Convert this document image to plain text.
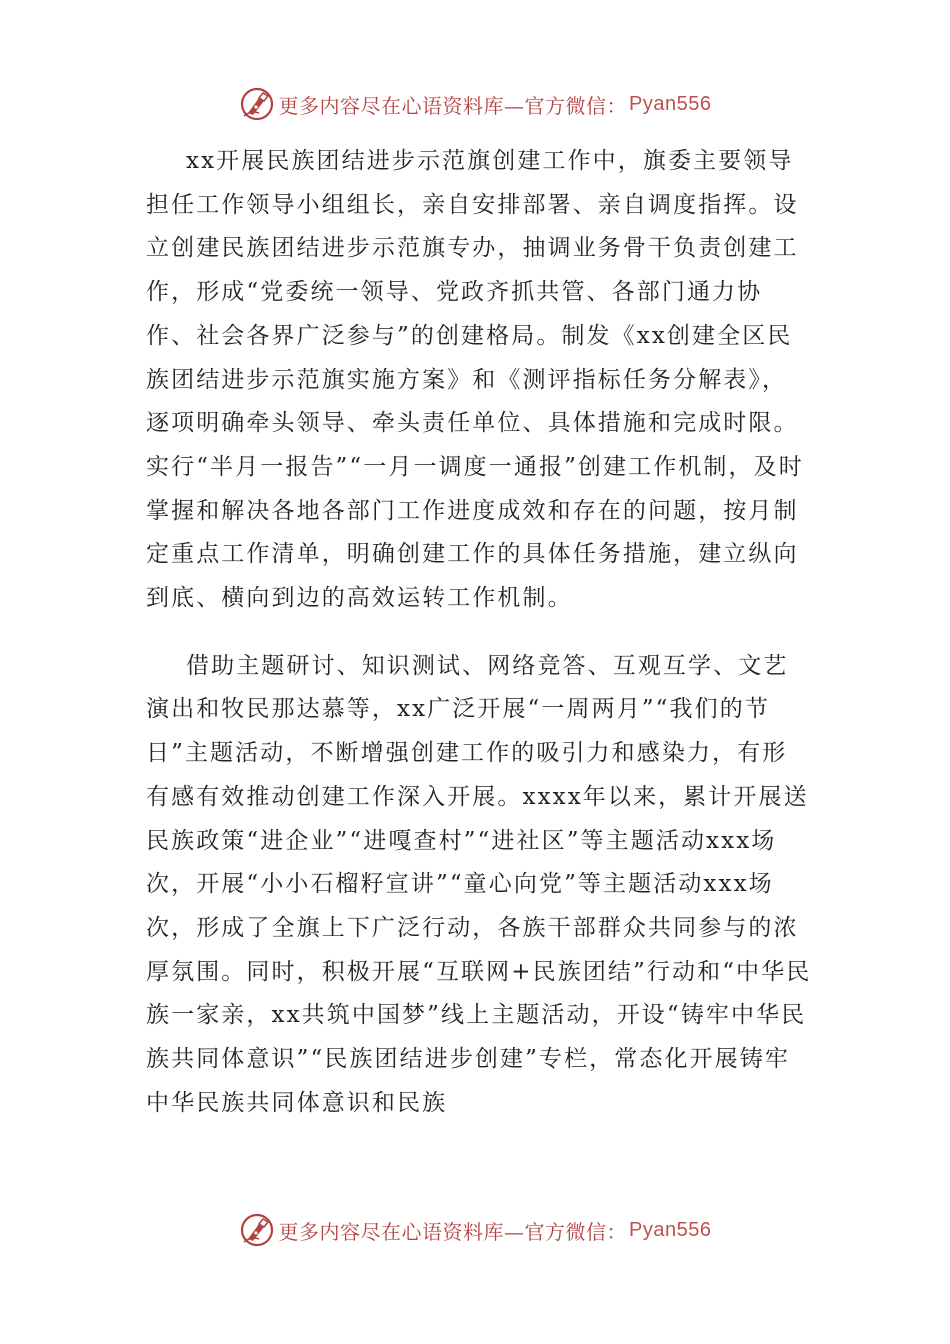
更多内容尽在心语资料库—官方微信： Pyan556

xx开展民族团结进步示范旗创建工作中，旗委主要领导担任工作领导小组组长，亲自安排部署、亲自调度指挥。设立创建民族团结进步示范旗专办，抽调业务骨干负责创建工作，形成“党委统一领导、党政齐抓共管、各部门通力协作、社会各界广泛参与”的创建格局。制发《xx创建全区民族团结进步示范旗实施方案》和《测评指标任务分解表》，逐项明确牵头领导、牵头责任单位、具体措施和完成时限。实行“半月一报告”“一月一调度一通报”创建工作机制，及时掌握和解决各地各部门工作进度成效和存在的问题，按月制定重点工作清单，明确创建工作的具体任务措施，建立纵向到底、横向到边的高效运转工作机制。

借助主题研讨、知识测试、网络竞答、互观互学、文艺演出和牧民那达慕等，xx广泛开展“一周两月”“我们的节日”主题活动，不断增强创建工作的吸引力和感染力，有形有感有效推动创建工作深入开展。xxxx年以来，累计开展送民族政策“进企业”“进嘎查村”“进社区”等主题活动xxx场次，开展“小小石榴籽宣讲”“童心向党”等主题活动xxx场次，形成了全旗上下广泛行动，各族干部群众共同参与的浓厚氛围。同时，积极开展“互联网+民族团结”行动和“中华民族一家亲，xx共筑中国梦”线上主题活动，开设“铸牢中华民族共同体意识”“民族团结进步创建”专栏，常态化开展铸牢中华民族共同体意识和民族

更多内容尽在心语资料库—官方微信： Pyan556
